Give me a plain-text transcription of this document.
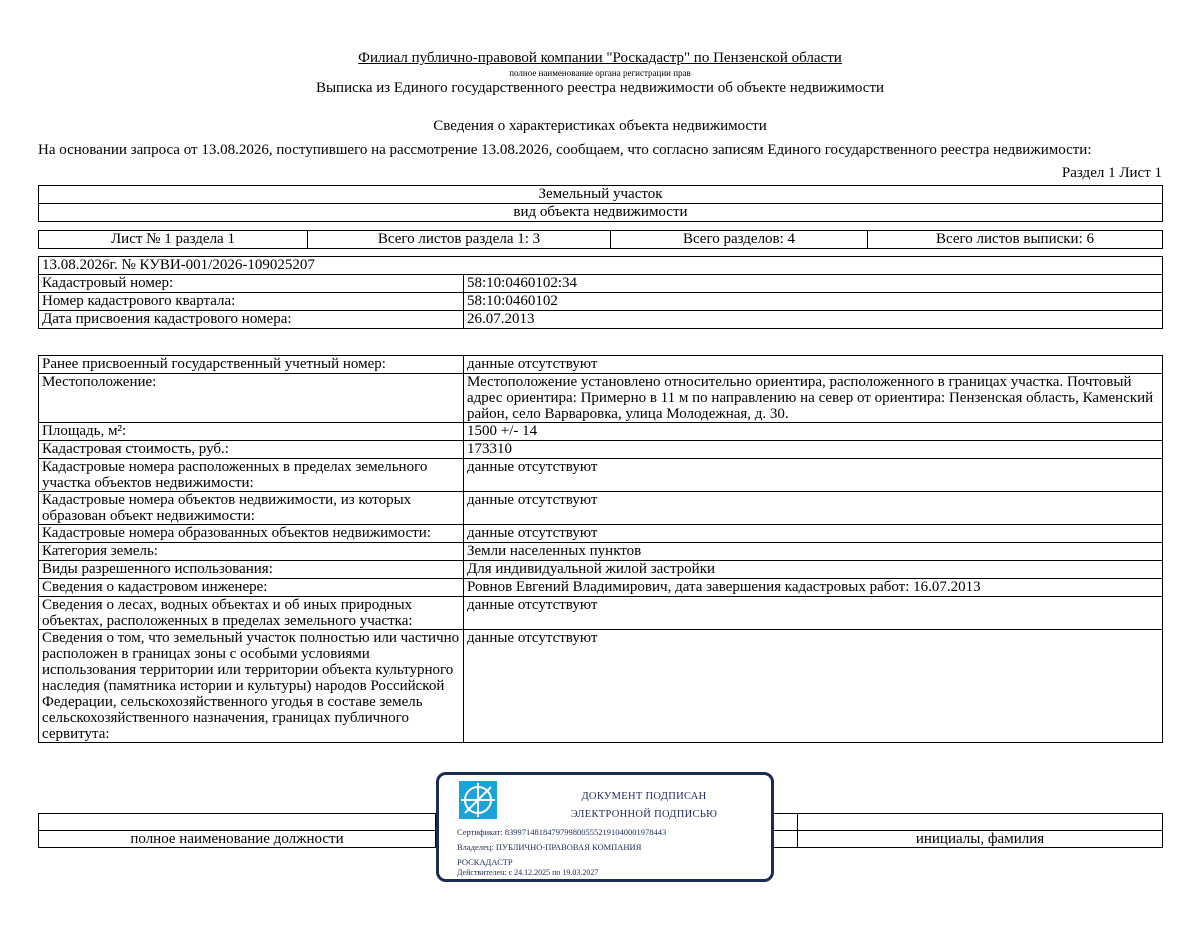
Филиал публично-правовой компании "Роскадастр" по Пензенской области
полное наименование органа регистрации прав
Выписка из Единого государственного реестра недвижимости об объекте недвижимости
Сведения о характеристиках объекта недвижимости
На основании запроса от 13.08.2026, поступившего на рассмотрение 13.08.2026, сообщаем, что согласно записям Единого государственного реестра недвижимости:
Раздел 1 Лист 1
Земельный участок
вид объекта недвижимости
Лист № 1 раздела 1	Всего листов раздела 1: 3	Всего разделов: 4	Всего листов выписки: 6
13.08.2026г. № КУВИ-001/2026-109025207	
Кадастровый номер:	58:10:0460102:34
Номер кадастрового квартала:	58:10:0460102
Дата присвоения кадастрового номера:	26.07.2013
Ранее присвоенный государственный учетный номер:	данные отсутствуют
Местоположение:	Местоположение установлено относительно ориентира, расположенного в границах участка. Почтовый адрес ориентира: Примерно в 11 м по направлению на север от ориентира: Пензенская область, Каменский район, село Варваровка, улица Молодежная, д. 30.
Площадь, м²:	1500 +/- 14
Кадастровая стоимость, руб.:	173310
Кадастровые номера расположенных в пределах земельного участка объектов недвижимости:	данные отсутствуют
Кадастровые номера объектов недвижимости, из которых образован объект недвижимости:	данные отсутствуют
Кадастровые номера образованных объектов недвижимости:	данные отсутствуют
Категория земель:	Земли населенных пунктов
Виды разрешенного использования:	Для индивидуальной жилой застройки
Сведения о кадастровом инженере:	Ровнов Евгений Владимирович, дата завершения кадастровых работ: 16.07.2013
Сведения о лесах, водных объектах и об иных природных объектах, расположенных в пределах земельного участка:	данные отсутствуют
Сведения о том, что земельный участок полностью или частично расположен в границах зоны с особыми условиями использования территории или территории объекта культурного наследия (памятника истории и культуры) народов Российской Федерации, сельскохозяйственного угодья в составе земель сельскохозяйственного назначения, границах публичного сервитута:	данные отсутствуют

полное наименование должности		инициалы, фамилия
ДОКУМЕНТ ПОДПИСАН
ЭЛЕКТРОННОЙ ПОДПИСЬЮ
Сертификат: 839971481847979980055521910400019784​43
Владелец: ПУБЛИЧНО-ПРАВОВАЯ КОМПАНИЯ
РОСКАДАСТР
Действителен: с 24.12.2025 по 19.03.2027
